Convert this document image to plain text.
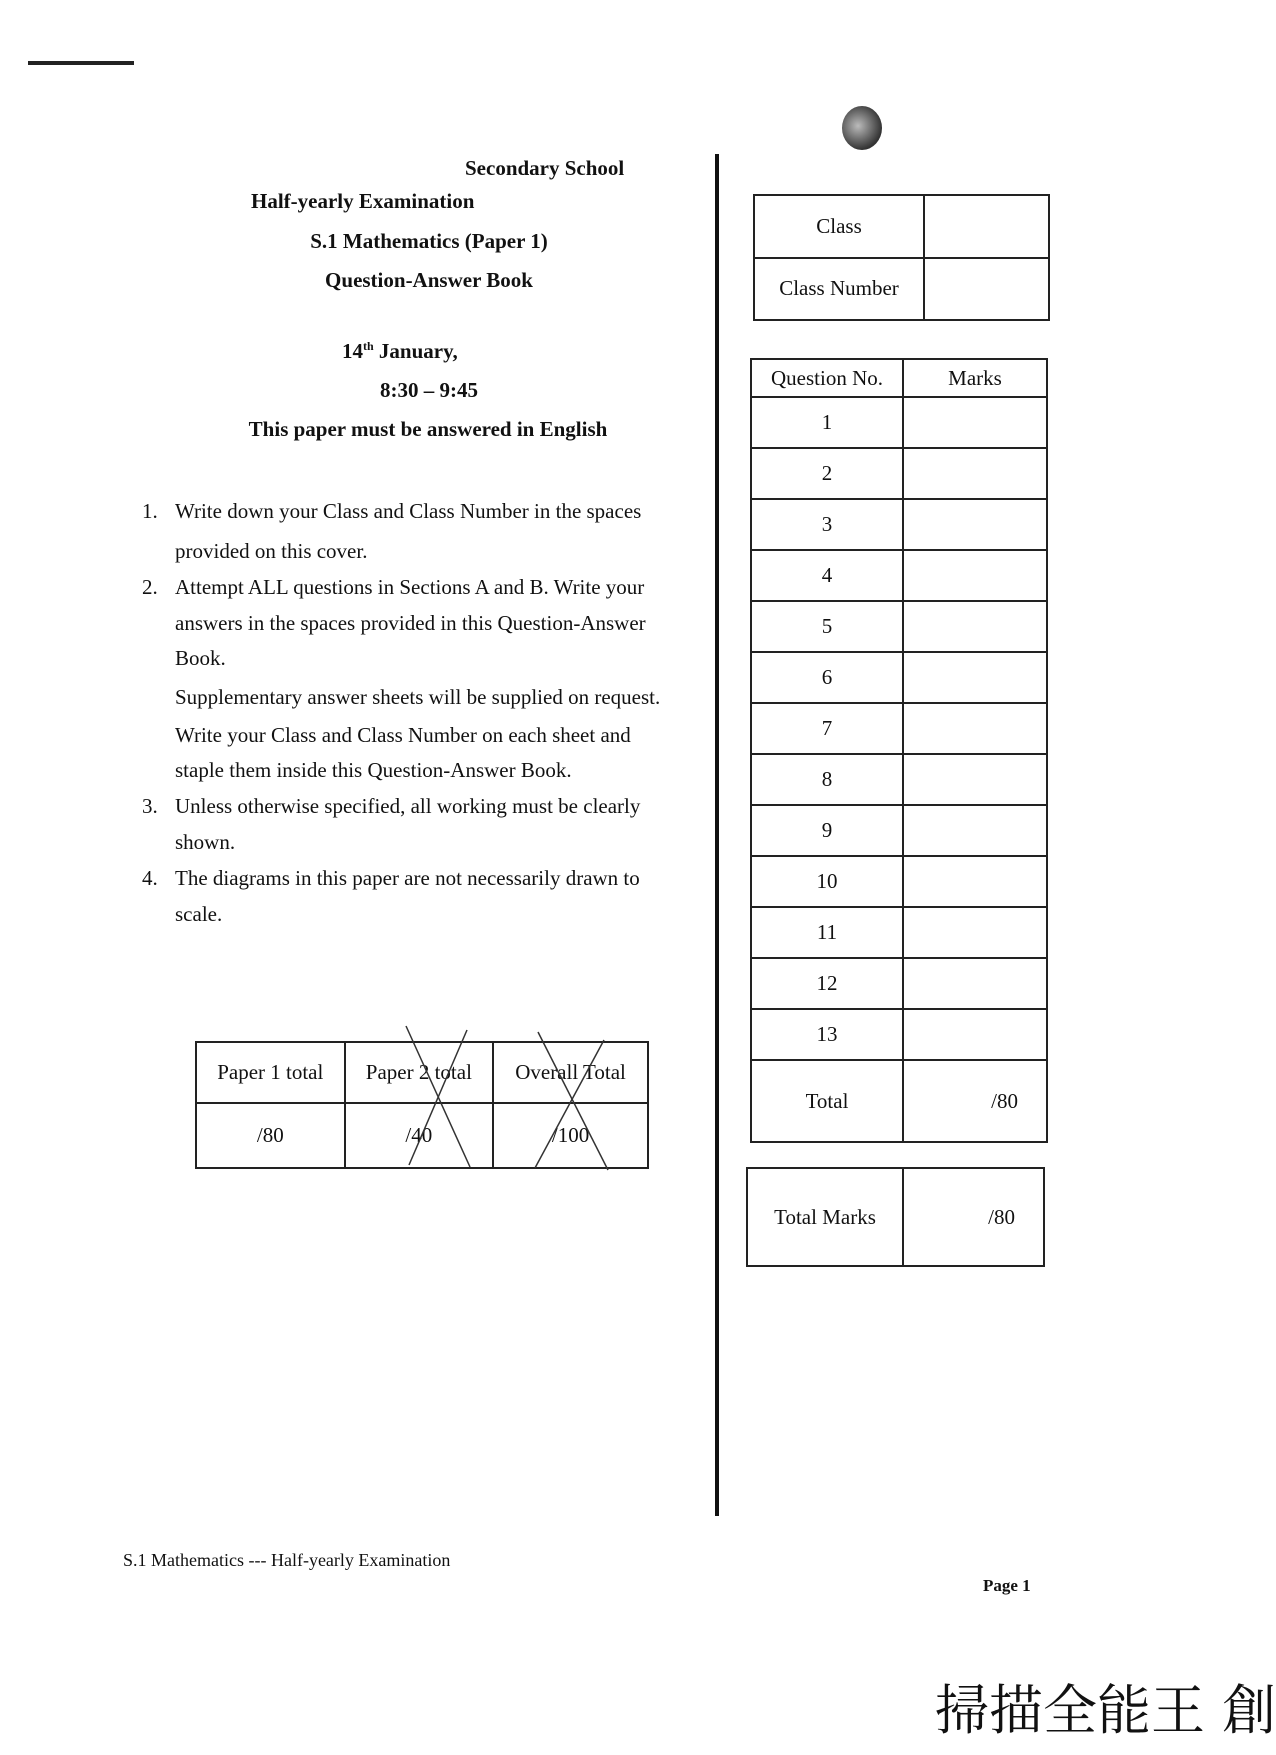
Secondary School
Half-yearly Examination
S.1 Mathematics (Paper 1)
Question-Answer Book
14th January,
8:30 – 9:45
This paper must be answered in English
1. Write down your Class and Class Number in the spaces
provided on this cover.
2. Attempt ALL questions in Sections A and B. Write your
answers in the spaces provided in this Question-Answer
Book.
Supplementary answer sheets will be supplied on request.
Write your Class and Class Number on each sheet and
staple them inside this Question-Answer Book.
3. Unless otherwise specified, all working must be clearly
shown.
4. The diagrams in this paper are not necessarily drawn to
scale.
Paper 1 total	Paper 2 total	Overall Total
/80	/40	/100
Class	
Class Number	
Question No.	Marks
1	
2	
3	
4	
5	
6	
7	
8	
9	
10	
11	
12	
13	
Total	/80
Total Marks	/80
S.1 Mathematics --- Half-yearly Examination
Page 1
掃描全能王 創
